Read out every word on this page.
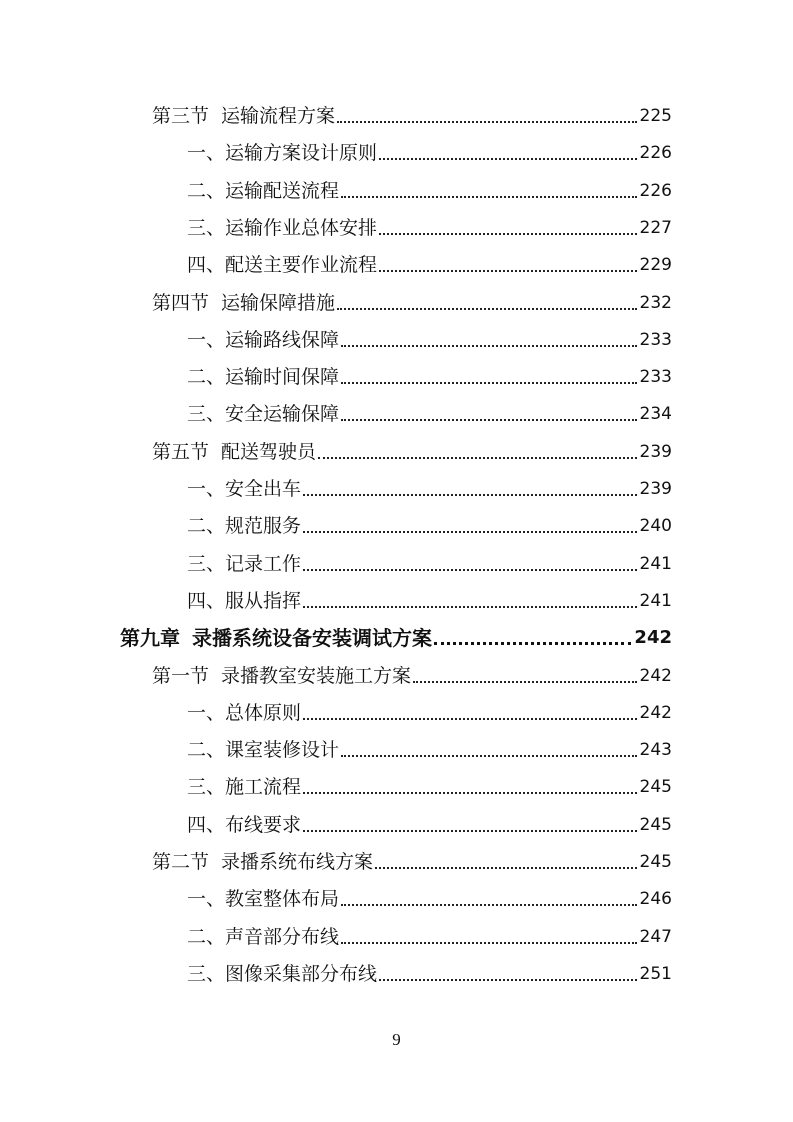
第三节 运输流程方案	225
一、运输方案设计原则	226
二、运输配送流程	226
三、运输作业总体安排	227
四、配送主要作业流程	229
第四节 运输保障措施	232
一、运输路线保障	233
二、运输时间保障	233
三、安全运输保障	234
第五节 配送驾驶员	239
一、安全出车	239
二、规范服务	240
三、记录工作	241
四、服从指挥	241
第九章 录播系统设备安装调试方案	242
第一节 录播教室安装施工方案	242
一、总体原则	242
二、课室装修设计	243
三、施工流程	245
四、布线要求	245
第二节 录播系统布线方案	245
一、教室整体布局	246
二、声音部分布线	247
三、图像采集部分布线	251
9
